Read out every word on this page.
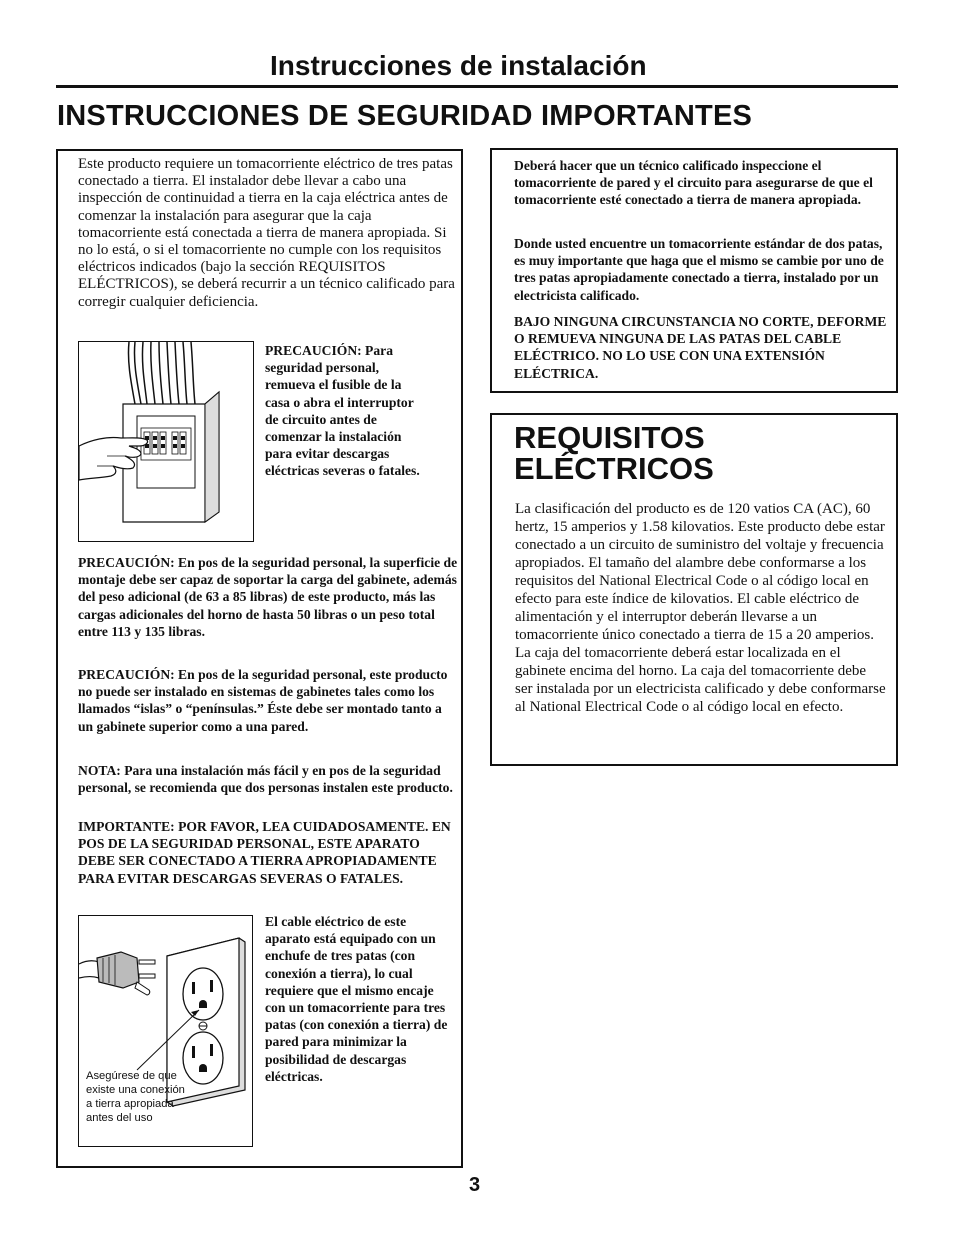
Instrucciones de instalación
INSTRUCCIONES DE SEGURIDAD IMPORTANTES

Este producto requiere un tomacorriente eléctrico de tres patas conectado a tierra. El instalador debe llevar a cabo una inspección de continuidad a tierra en la caja eléctrica antes de comenzar la instalación para asegurar que la caja tomacorriente está conectada a tierra de manera apropiada. Si no lo está, o si el tomacorriente no cumple con los requisitos eléctricos indicados (bajo la sección REQUISITOS ELÉCTRICOS), se deberá recurrir a un técnico calificado para corregir cualquier deficiencia.

PRECAUCIÓN: Para seguridad personal, remueva el fusible de la casa o abra el interruptor de circuito antes de comenzar la instalación para evitar descargas eléctricas severas o fatales.

PRECAUCIÓN: En pos de la seguridad personal, la superficie de montaje debe ser capaz de soportar la carga del gabinete, además del peso adicional (de 63 a 85 libras) de este producto, más las cargas adicionales del horno de hasta 50 libras o un peso total entre 113 y 135 libras.

PRECAUCIÓN: En pos de la seguridad personal, este producto no puede ser instalado en sistemas de gabinetes tales como los llamados “islas” o “penínsulas.” Éste debe ser montado tanto a un gabinete superior como a una pared.

NOTA: Para una instalación más fácil y en pos de la seguridad personal, se recomienda que dos personas instalen este producto.

IMPORTANTE: POR FAVOR, LEA CUIDADOSAMENTE. EN POS DE LA SEGURIDAD PERSONAL, ESTE APARATO DEBE SER CONECTADO A TIERRA APROPIADAMENTE PARA EVITAR DESCARGAS SEVERAS O FATALES.

Asegúrese de que existe una conexión a tierra apropiada antes del uso

El cable eléctrico de este aparato está equipado con un enchufe de tres patas (con conexión a tierra), lo cual requiere que el mismo encaje con un tomacorriente para tres patas (con conexión a tierra) de pared para minimizar la posibilidad de descargas eléctricas.

Deberá hacer que un técnico calificado inspeccione el tomacorriente de pared y el circuito para asegurarse de que el tomacorriente esté conectado a tierra de manera apropiada.

Donde usted encuentre un tomacorriente estándar de dos patas, es muy importante que haga que el mismo se cambie por uno de tres patas apropiadamente conectado a tierra, instalado por un electricista calificado.

BAJO NINGUNA CIRCUNSTANCIA NO CORTE, DEFORME O REMUEVA NINGUNA DE LAS PATAS DEL CABLE ELÉCTRICO. NO LO USE CON UNA EXTENSIÓN ELÉCTRICA.

REQUISITOS
ELÉCTRICOS

La clasificación del producto es de 120 vatios CA (AC), 60 hertz, 15 amperios y 1.58 kilovatios. Este producto debe estar conectado a un circuito de suministro del voltaje y frecuencia apropiados. El tamaño del alambre debe conformarse a los requisitos del National Electrical Code o al código local en efecto para este índice de kilovatios. El cable eléctrico de alimentación y el interruptor deberán llevarse a un tomacorriente único conectado a tierra de 15 a 20 amperios. La caja del tomacorriente deberá estar localizada en el gabinete encima del horno. La caja del tomacorriente debe ser instalada por un electricista calificado y debe conformarse al National Electrical Code o al código local en efecto.

3
